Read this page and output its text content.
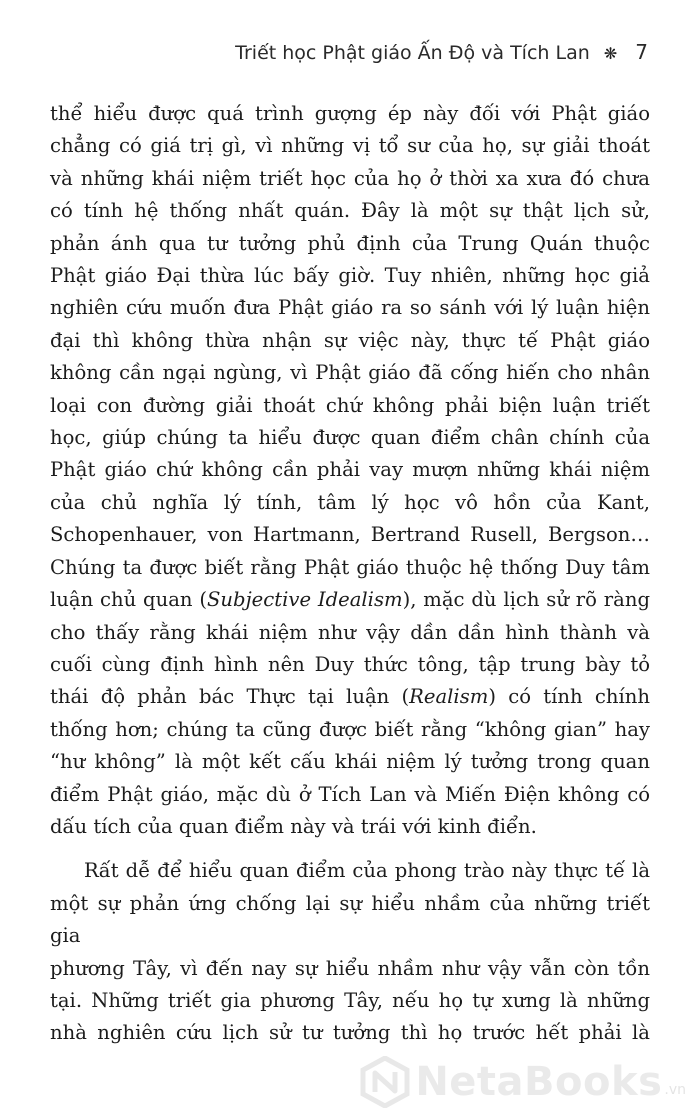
Triết học Phật giáo Ấn Độ và Tích Lan ❋ 7

thể hiểu được quá trình gượng ép này đối với Phật giáo

chẳng có giá trị gì, vì những vị tổ sư của họ, sự giải thoát

và những khái niệm triết học của họ ở thời xa xưa đó chưa

có tính hệ thống nhất quán. Đây là một sự thật lịch sử,

phản ánh qua tư tưởng phủ định của Trung Quán thuộc

Phật giáo Đại thừa lúc bấy giờ. Tuy nhiên, những học giả

nghiên cứu muốn đưa Phật giáo ra so sánh với lý luận hiện

đại thì không thừa nhận sự việc này, thực tế Phật giáo

không cần ngại ngùng, vì Phật giáo đã cống hiến cho nhân

loại con đường giải thoát chứ không phải biện luận triết

học, giúp chúng ta hiểu được quan điểm chân chính của

Phật giáo chứ không cần phải vay mượn những khái niệm

của chủ nghĩa lý tính, tâm lý học vô hồn của Kant,

Schopenhauer, von Hartmann, Bertrand Rusell, Bergson…

Chúng ta được biết rằng Phật giáo thuộc hệ thống Duy tâm

luận chủ quan (Subjective Idealism), mặc dù lịch sử rõ ràng

cho thấy rằng khái niệm như vậy dần dần hình thành và

cuối cùng định hình nên Duy thức tông, tập trung bày tỏ

thái độ phản bác Thực tại luận (Realism) có tính chính

thống hơn; chúng ta cũng được biết rằng “không gian” hay

“hư không” là một kết cấu khái niệm lý tưởng trong quan

điểm Phật giáo, mặc dù ở Tích Lan và Miến Điện không có

dấu tích của quan điểm này và trái với kinh điển.

Rất dễ để hiểu quan điểm của phong trào này thực tế là

một sự phản ứng chống lại sự hiểu nhầm của những triết gia

phương Tây, vì đến nay sự hiểu nhầm như vậy vẫn còn tồn

tại. Những triết gia phương Tây, nếu họ tự xưng là những

nhà nghiên cứu lịch sử tư tưởng thì họ trước hết phải là

NetaBooks .vn
